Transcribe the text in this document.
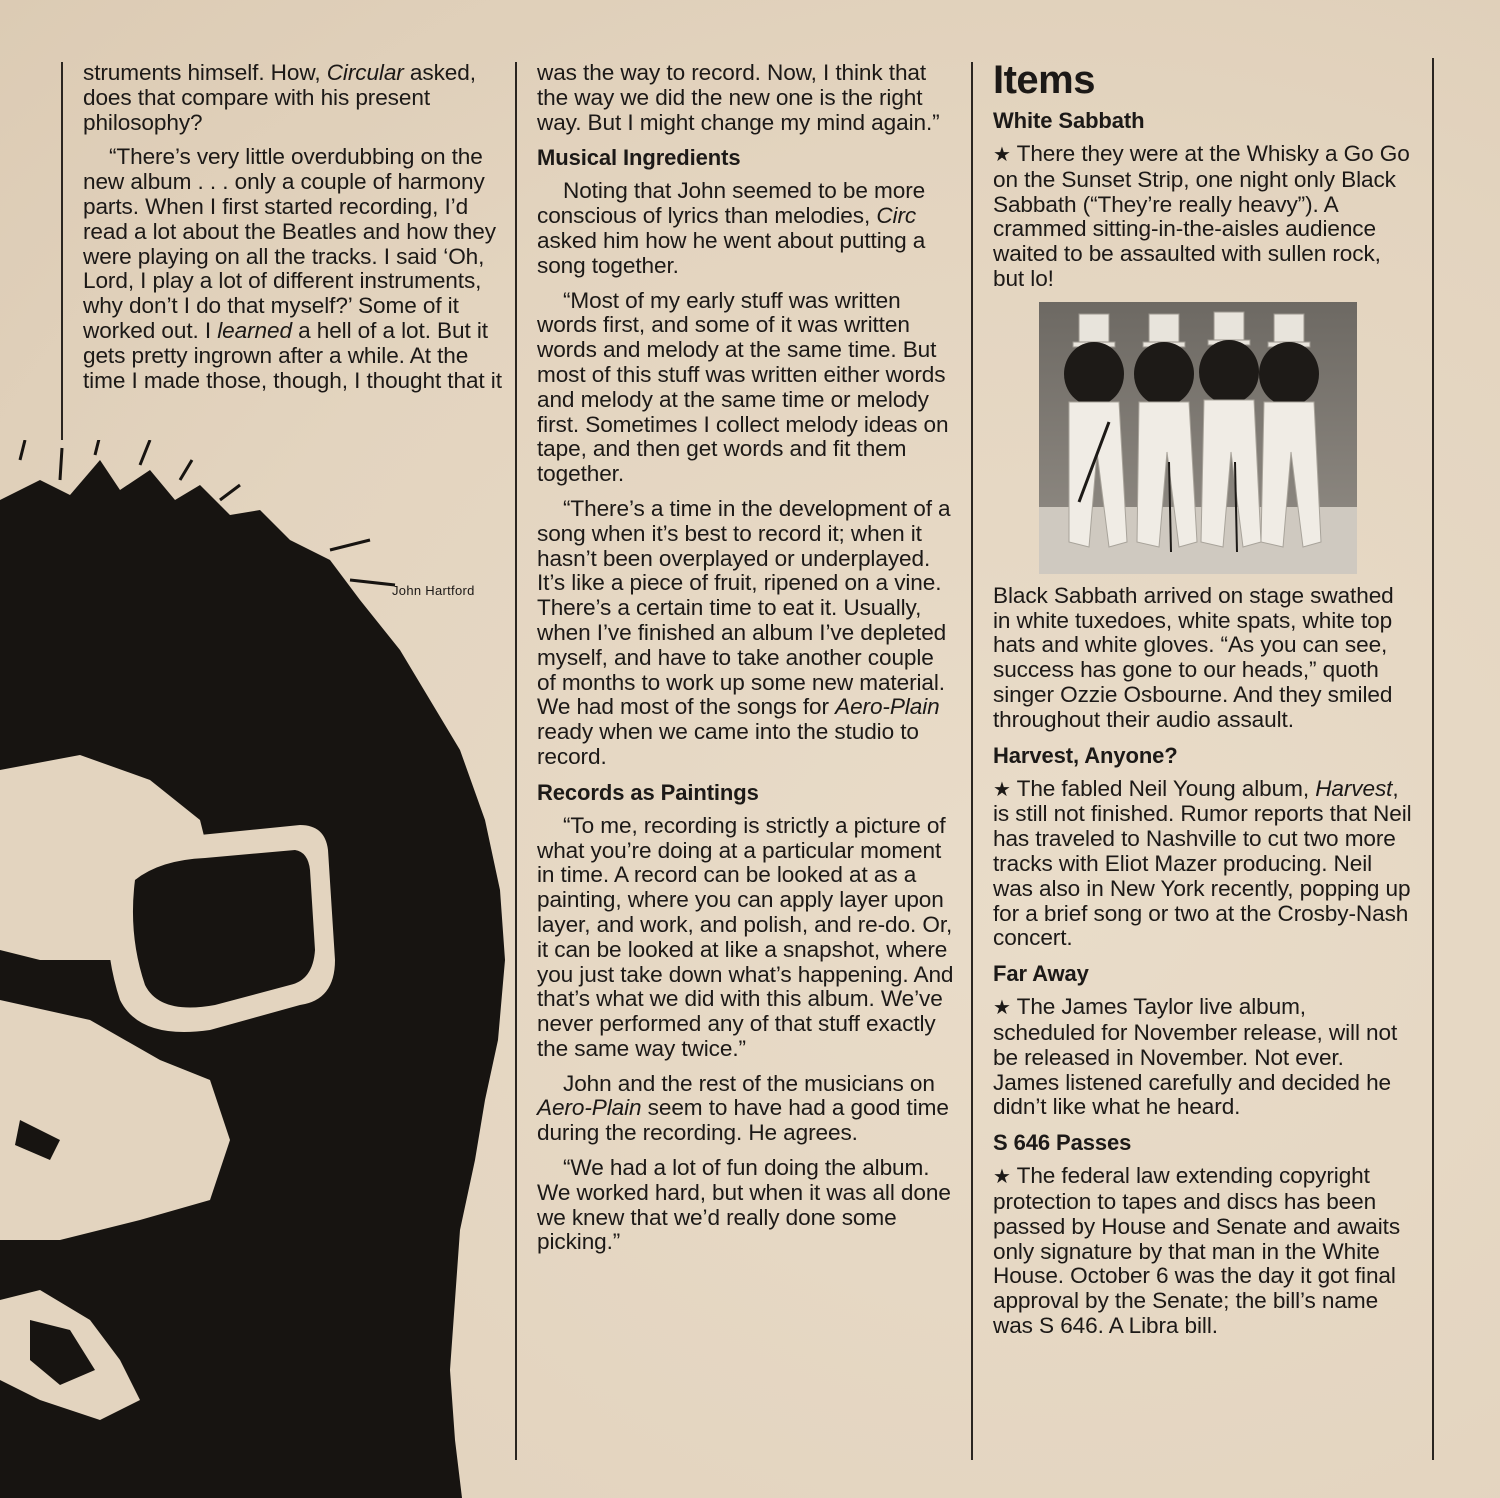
John Hartford

struments himself. How, Circular asked, does that compare with his present philosophy?

“There’s very little overdubbing on the new album . . . only a couple of harmony parts. When I first started recording, I’d read a lot about the Beatles and how they were playing on all the tracks. I said ‘Oh, Lord, I play a lot of different instruments, why don’t I do that myself?’ Some of it worked out. I learned a hell of a lot. But it gets pretty ingrown after a while. At the time I made those, though, I thought that it

was the way to record. Now, I think that the way we did the new one is the right way. But I might change my mind again.”

Musical Ingredients

Noting that John seemed to be more conscious of lyrics than melodies, Circ asked him how he went about putting a song together.

“Most of my early stuff was written words first, and some of it was written words and melody at the same time. But most of this stuff was written either words and melody at the same time or melody first. Sometimes I collect melody ideas on tape, and then get words and fit them together.

“There’s a time in the development of a song when it’s best to record it; when it hasn’t been overplayed or underplayed. It’s like a piece of fruit, ripened on a vine. There’s a certain time to eat it. Usually, when I’ve finished an album I’ve depleted myself, and have to take another couple of months to work up some new material. We had most of the songs for Aero-Plain ready when we came into the studio to record.

Records as Paintings

“To me, recording is strictly a picture of what you’re doing at a particular moment in time. A record can be looked at as a painting, where you can apply layer upon layer, and work, and polish, and re-do. Or, it can be looked at like a snapshot, where you just take down what’s happening. And that’s what we did with this album. We’ve never performed any of that stuff exactly the same way twice.”

John and the rest of the musicians on Aero-Plain seem to have had a good time during the recording. He agrees.

“We had a lot of fun doing the album. We worked hard, but when it was all done we knew that we’d really done some picking.”

Items
White Sabbath

★ There they were at the Whisky a Go Go on the Sunset Strip, one night only Black Sabbath (“They’re really heavy”). A crammed sitting-in-the-aisles audience waited to be assaulted with sullen rock, but lo!

Black Sabbath arrived on stage swathed in white tuxedoes, white spats, white top hats and white gloves. “As you can see, success has gone to our heads,” quoth singer Ozzie Osbourne. And they smiled throughout their audio assault.

Harvest, Anyone?

★ The fabled Neil Young album, Harvest, is still not finished. Rumor reports that Neil has traveled to Nashville to cut two more tracks with Eliot Mazer producing. Neil was also in New York recently, popping up for a brief song or two at the Crosby-Nash concert.

Far Away

★ The James Taylor live album, scheduled for November release, will not be released in November. Not ever. James listened carefully and decided he didn’t like what he heard.

S 646 Passes

★ The federal law extending copyright protection to tapes and discs has been passed by House and Senate and awaits only signature by that man in the White House. October 6 was the day it got final approval by the Senate; the bill’s name was S 646. A Libra bill.
